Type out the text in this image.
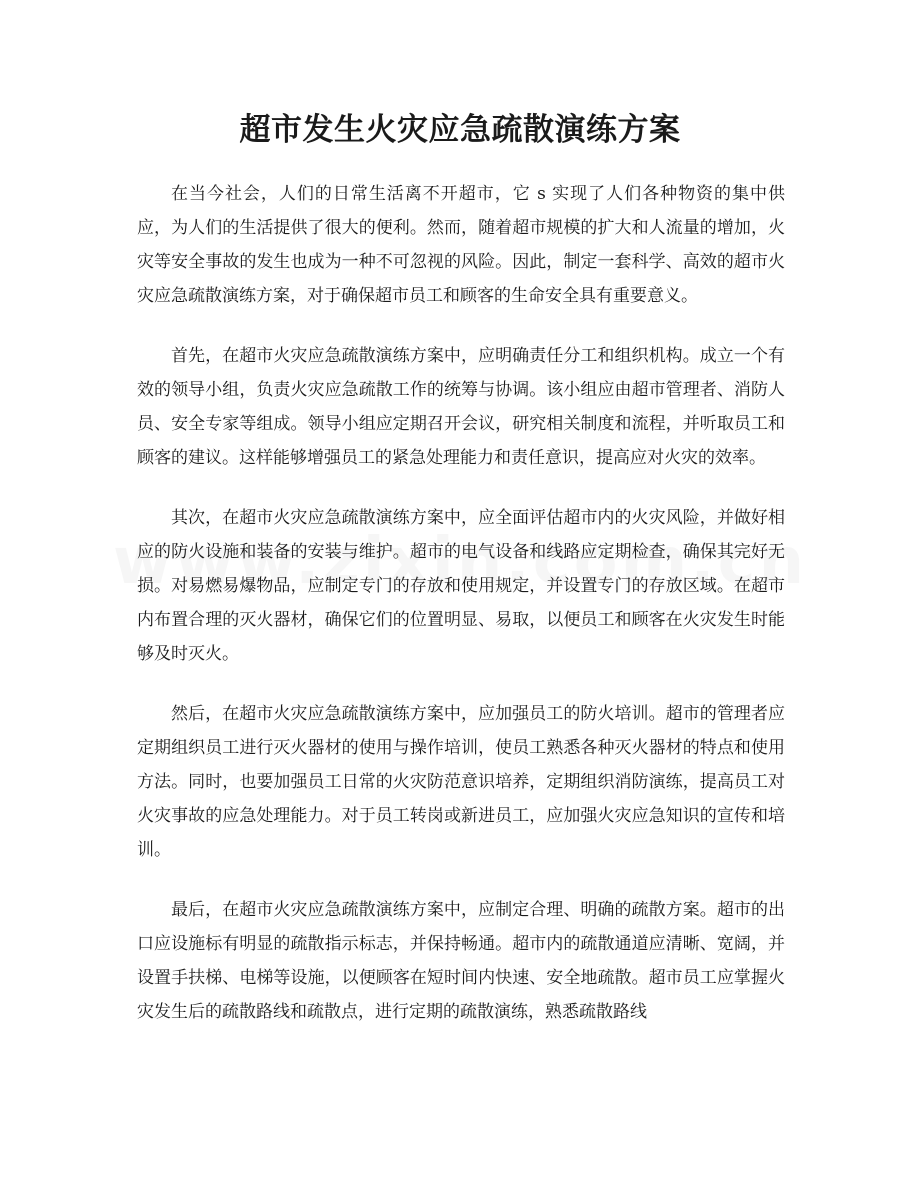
超市发生火灾应急疏散演练方案

在当今社会，人们的日常生活离不开超市，它 s 实现了人们各种物资的集中供应，为人们的生活提供了很大的便利。然而，随着超市规模的扩大和人流量的增加，火灾等安全事故的发生也成为一种不可忽视的风险。因此，制定一套科学、高效的超市火灾应急疏散演练方案，对于确保超市员工和顾客的生命安全具有重要意义。

首先，在超市火灾应急疏散演练方案中，应明确责任分工和组织机构。成立一个有效的领导小组，负责火灾应急疏散工作的统筹与协调。该小组应由超市管理者、消防人员、安全专家等组成。领导小组应定期召开会议，研究相关制度和流程，并听取员工和顾客的建议。这样能够增强员工的紧急处理能力和责任意识，提高应对火灾的效率。

其次，在超市火灾应急疏散演练方案中，应全面评估超市内的火灾风险，并做好相应的防火设施和装备的安装与维护。超市的电气设备和线路应定期检查，确保其完好无损。对易燃易爆物品，应制定专门的存放和使用规定，并设置专门的存放区域。在超市内布置合理的灭火器材，确保它们的位置明显、易取，以便员工和顾客在火灾发生时能够及时灭火。

然后，在超市火灾应急疏散演练方案中，应加强员工的防火培训。超市的管理者应定期组织员工进行灭火器材的使用与操作培训，使员工熟悉各种灭火器材的特点和使用方法。同时，也要加强员工日常的火灾防范意识培养，定期组织消防演练，提高员工对火灾事故的应急处理能力。对于员工转岗或新进员工，应加强火灾应急知识的宣传和培训。

最后，在超市火灾应急疏散演练方案中，应制定合理、明确的疏散方案。超市的出口应设施标有明显的疏散指示标志，并保持畅通。超市内的疏散通道应清晰、宽阔，并设置手扶梯、电梯等设施，以便顾客在短时间内快速、安全地疏散。超市员工应掌握火灾发生后的疏散路线和疏散点，进行定期的疏散演练，熟悉疏散路线
